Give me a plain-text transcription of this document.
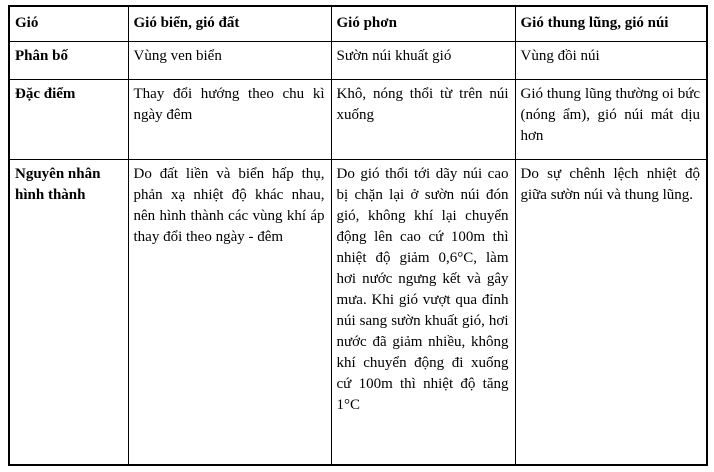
Gió	Gió biển, gió đất	Gió phơn	Gió thung lũng, gió núi
Phân bố	Vùng ven biển	Sườn núi khuất gió	Vùng đồi núi
Đặc điểm	Thay đổi hướng theo chu kì ngày đêm	Khô, nóng thổi từ trên núi xuống	Gió thung lũng thường oi bức (nóng ẩm), gió núi mát dịu hơn
Nguyên nhân hình thành	Do đất liền và biển hấp thụ, phản xạ nhiệt độ khác nhau, nên hình thành các vùng khí áp thay đổi theo ngày - đêm	Do gió thổi tới dãy núi cao bị chặn lại ở sườn núi đón gió, không khí lại chuyển động lên cao cứ 100m thì nhiệt độ giảm 0,6°C, làm hơi nước ngưng kết và gây mưa. Khi gió vượt qua đỉnh núi sang sườn khuất gió, hơi nước đã giảm nhiều, không khí chuyển động đi xuống cứ 100m thì nhiệt độ tăng 1°C	Do sự chênh lệch nhiệt độ giữa sườn núi và thung lũng.
